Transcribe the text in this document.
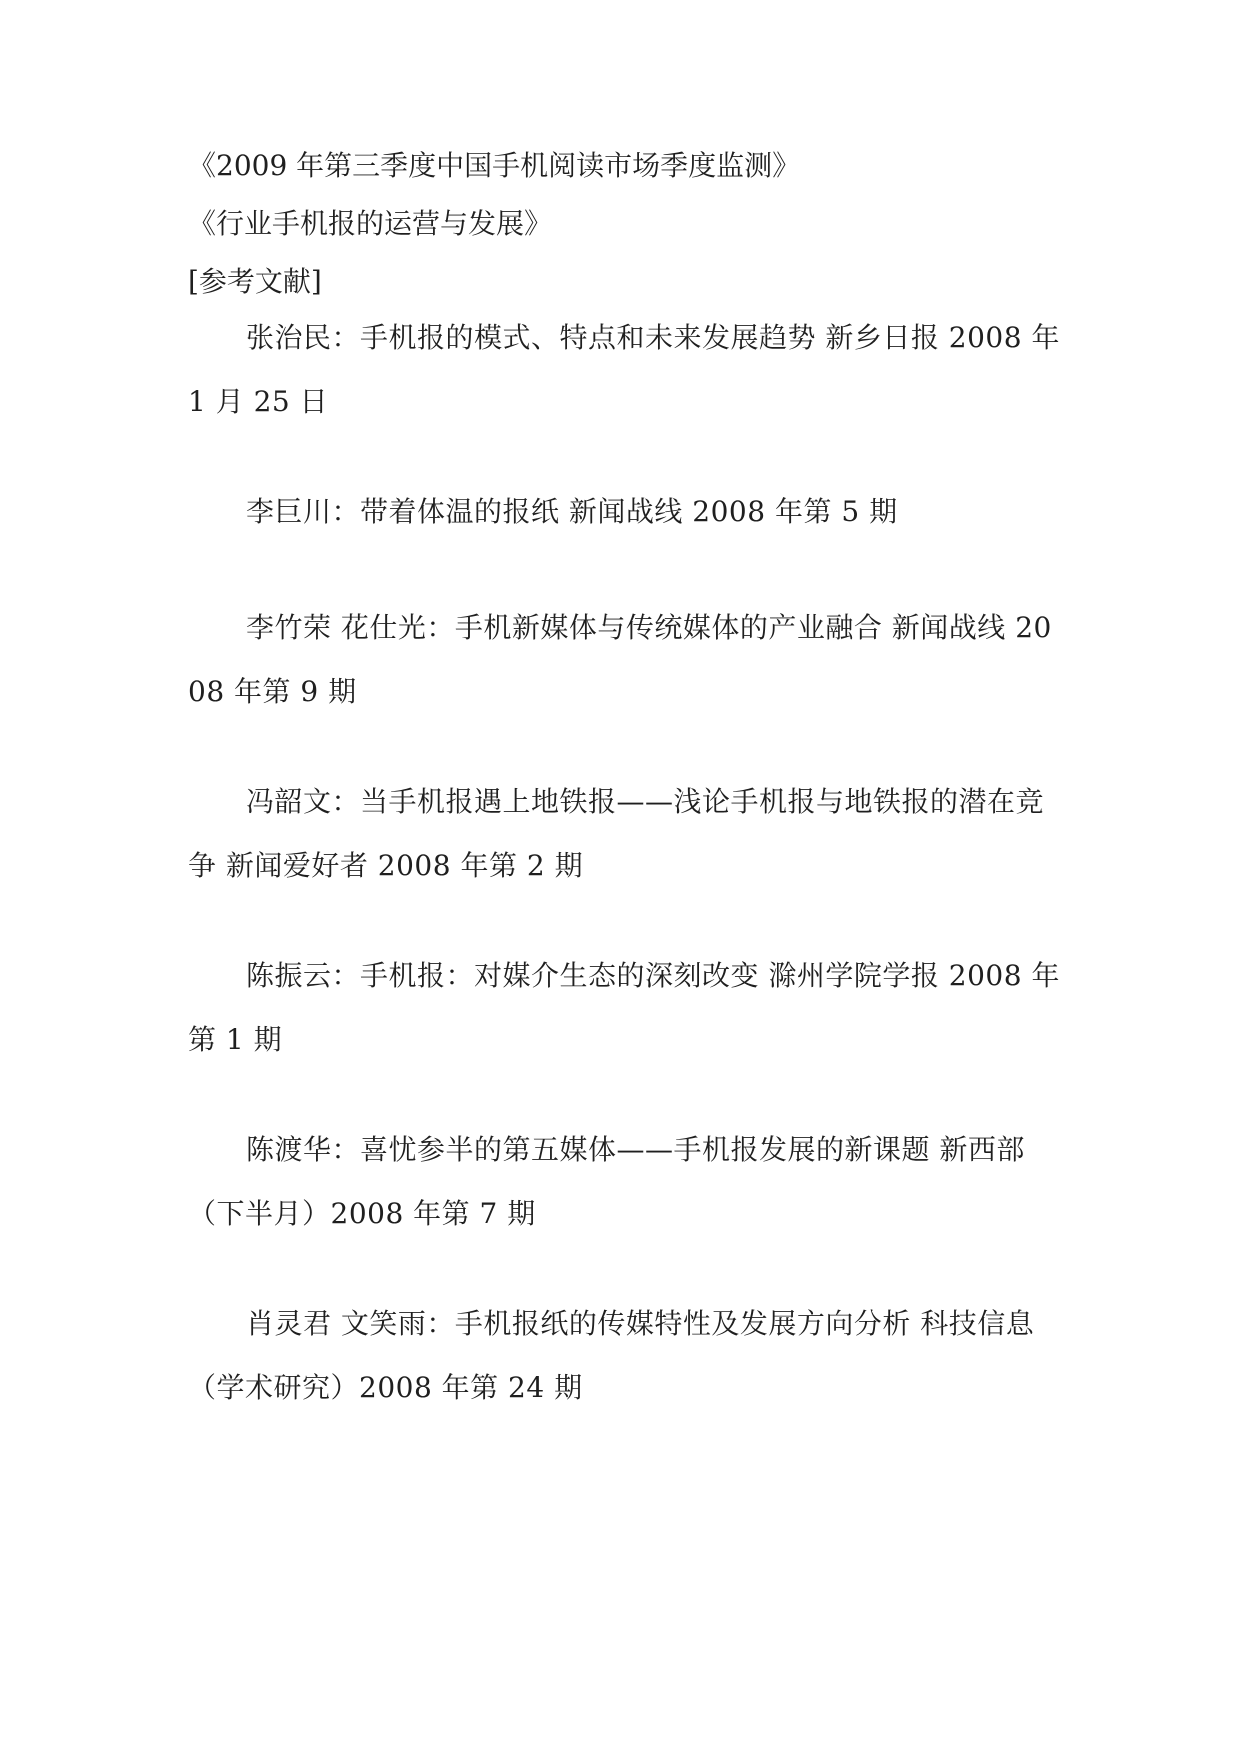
《2009 年第三季度中国手机阅读市场季度监测》
《行业手机报的运营与发展》
[参考文献]
张治民：手机报的模式、特点和未来发展趋势 新乡日报 2008 年 1 月 25 日
李巨川：带着体温的报纸 新闻战线 2008 年第 5 期
李竹荣 花仕光：手机新媒体与传统媒体的产业融合 新闻战线 2008 年第 9 期
冯韶文：当手机报遇上地铁报——浅论手机报与地铁报的潜在竞争 新闻爱好者 2008 年第 2 期
陈振云：手机报：对媒介生态的深刻改变 滁州学院学报 2008 年第 1 期
陈渡华：喜忧参半的第五媒体——手机报发展的新课题 新西部（下半月）2008 年第 7 期
肖灵君 文笑雨：手机报纸的传媒特性及发展方向分析 科技信息（学术研究）2008 年第 24 期
